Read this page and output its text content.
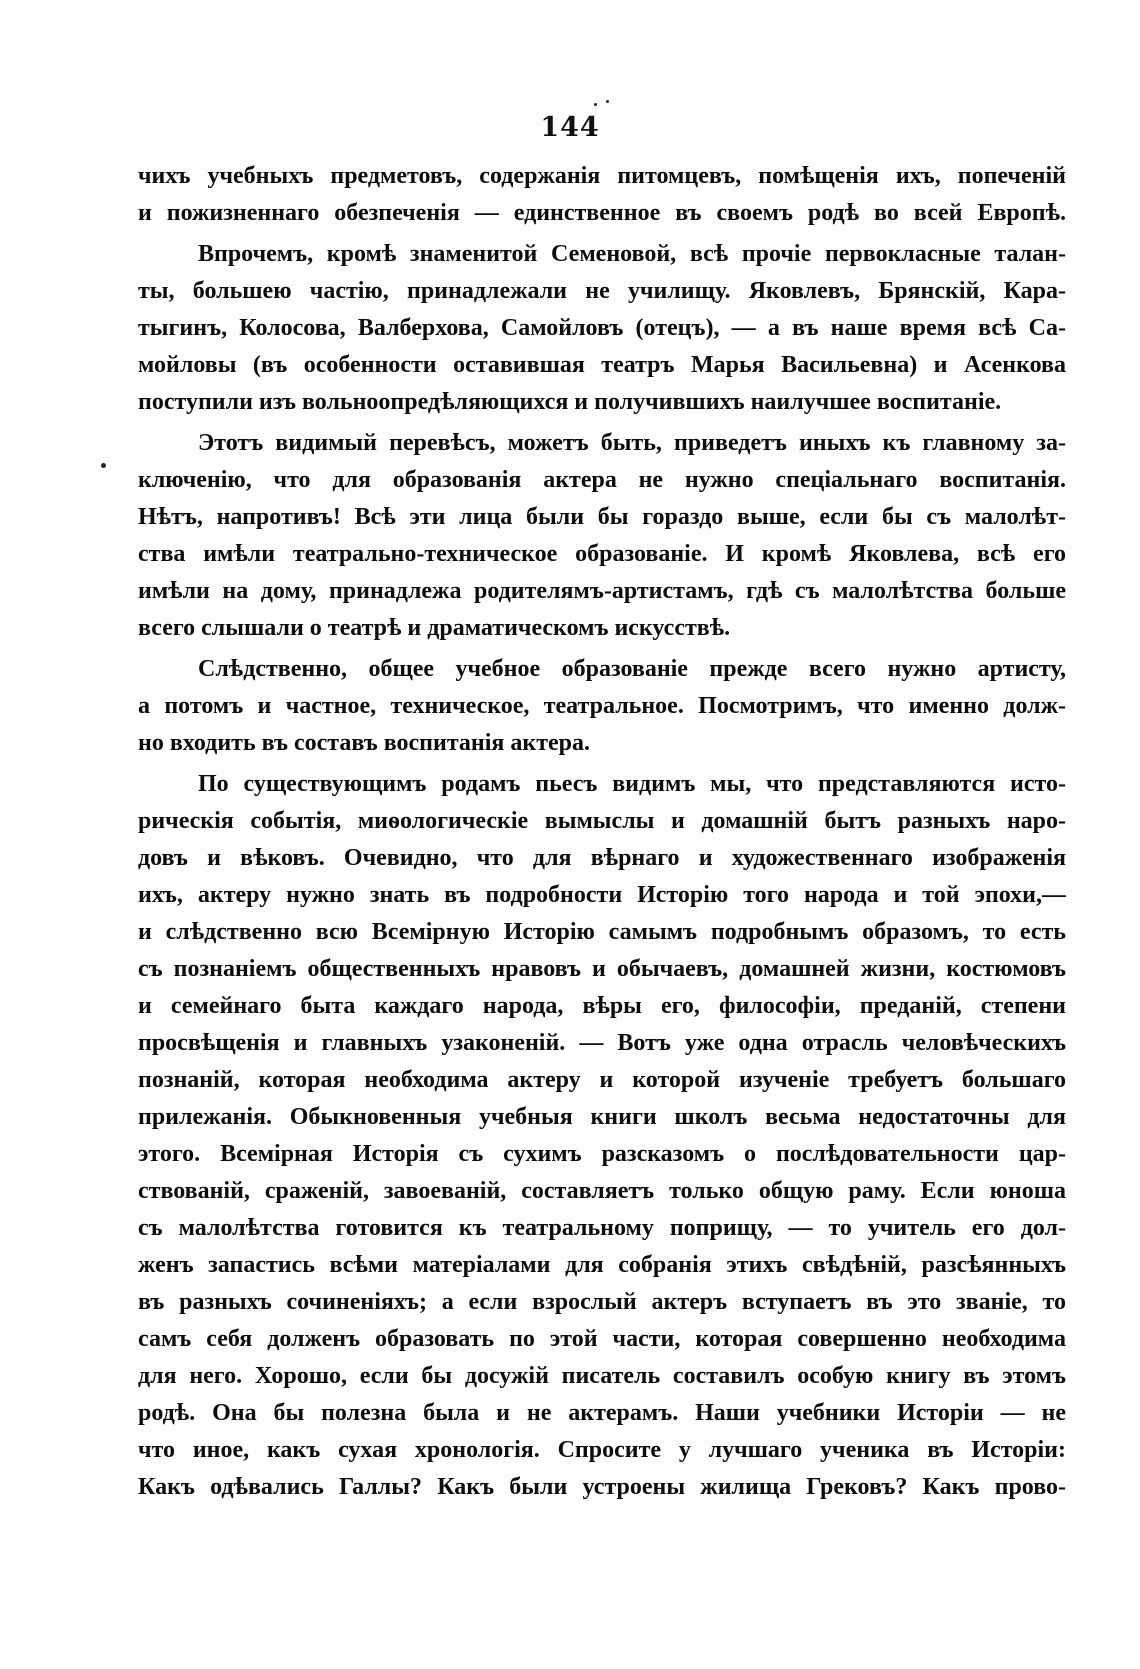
144
чихъ учебныхъ предметовъ, содержанія питомцевъ, помѣщенія ихъ, попеченій
и пожизненнаго обезпеченія — единственное въ своемъ родѣ во всей Европѣ.
Впрочемъ, кромѣ знаменитой Семеновой, всѣ прочіе первокласные талан-
ты, большею частію, принадлежали не училищу. Яковлевъ, Брянскій, Кара-
тыгинъ, Колосова, Валберхова, Самойловъ (отецъ), — а въ наше время всѣ Са-
мойловы (въ особенности оставившая театръ Марья Васильевна) и Асенкова
поступили изъ вольноопредѣляющихся и получившихъ наилучшее воспитаніе.
Этотъ видимый перевѣсъ, можетъ быть, приведетъ иныхъ къ главному за-
ключенію, что для образованія актера не нужно спеціальнаго воспитанія.
Нѣтъ, напротивъ! Всѣ эти лица были бы гораздо выше, если бы съ малолѣт-
ства имѣли театрально-техническое образованіе. И кромѣ Яковлева, всѣ его
имѣли на дому, принадлежа родителямъ-артистамъ, гдѣ съ малолѣтства больше
всего слышали о театрѣ и драматическомъ искусствѣ.
Слѣдственно, общее учебное образованіе прежде всего нужно артисту,
а потомъ и частное, техническое, театральное. Посмотримъ, что именно долж-
но входить въ составъ воспитанія актера.
По существующимъ родамъ пьесъ видимъ мы, что представляются исто-
рическія событія, миѳологическіе вымыслы и домашній бытъ разныхъ наро-
довъ и вѣковъ. Очевидно, что для вѣрнаго и художественнаго изображенія
ихъ, актеру нужно знать въ подробности Исторію того народа и той эпохи,—
и слѣдственно всю Всемірную Исторію самымъ подробнымъ образомъ, то есть
съ познаніемъ общественныхъ нравовъ и обычаевъ, домашней жизни, костюмовъ
и семейнаго быта каждаго народа, вѣры его, философіи, преданій, степени
просвѣщенія и главныхъ узаконеній. — Вотъ уже одна отрасль человѣческихъ
познаній, которая необходима актеру и которой изученіе требуетъ большаго
прилежанія. Обыкновенныя учебныя книги школъ весьма недостаточны для
этого. Всемірная Исторія съ сухимъ разсказомъ о послѣдовательности цар-
ствованій, сраженій, завоеваній, составляетъ только общую раму. Если юноша
съ малолѣтства готовится къ театральному поприщу, — то учитель его дол-
женъ запастись всѣми матеріалами для собранія этихъ свѣдѣній, разсѣянныхъ
въ разныхъ сочиненіяхъ; а если взрослый актеръ вступаетъ въ это званіе, то
самъ себя долженъ образовать по этой части, которая совершенно необходима
для него. Хорошо, если бы досужій писатель составилъ особую книгу въ этомъ
родѣ. Она бы полезна была и не актерамъ. Наши учебники Исторіи — не
что иное, какъ сухая хронологія. Спросите у лучшаго ученика въ Исторіи:
Какъ одѣвались Галлы? Какъ были устроены жилища Грековъ? Какъ прово-
